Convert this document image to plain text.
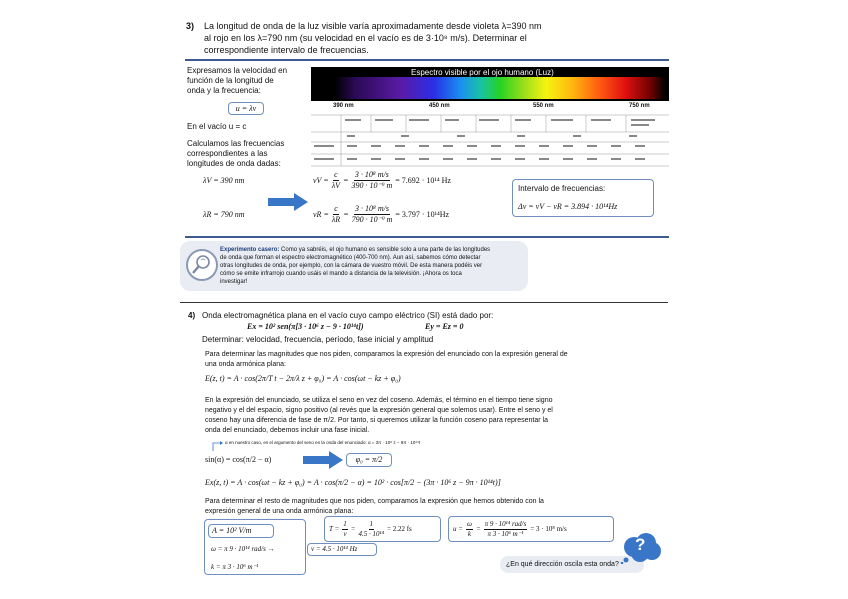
3) La longitud de onda de la luz visible varía aproximadamente desde violeta λ=390 nm
al rojo en los λ=790 nm (su velocidad en el vacío es de 3·10⁸ m/s). Determinar el
correspondiente intervalo de frecuencias.
Expresamos la velocidad en
función de la longitud de
onda y la frecuencia:
u = λν
En el vacío u = c
Calculamos las frecuencias
correspondientes a las
longitudes de onda dadas:
λV = 390 nm
λR = 790 nm
Espectro visible por el ojo humano (Luz)
390 nm	450 nm	550 nm	750 nm
$\nu V = \frac{c}{\lambda V} = \frac{\text{3 · 10⁸ m/s}}{\text{390 · 10⁻⁹ m}} = 7.692 \cdot 10^{14}$ Hz
$\nu R = \frac{c}{\lambda R} = \frac{\text{3 · 10⁸ m/s}}{\text{790 · 10⁻⁹ m}} = 3.797 \cdot 10^{14}Hz$
Intervalo de frecuencias:
Δν = νV − νR = 3.894 · 10¹⁴Hz
Experimento casero: Como ya sabréis, el ojo humano es sensible solo a una parte de las longitudes
de onda que forman el espectro electromagnético (400-700 nm). Aun así, sabemos cómo detectar
otras longitudes de onda, por ejemplo, con la cámara de vuestro móvil. De esta manera podéis ver
cómo se emite infrarrojo cuando usáis el mando a distancia de la televisión. ¡Ahora os toca
investigar!
4) Onda electromagnética plana en el vacío cuyo campo eléctrico (SI) está dado por:
Ex = 10² sen(π[3 · 10⁶ z − 9 · 10¹⁴t])	Ey = Ez = 0
Determinar: velocidad, frecuencia, período, fase inicial y amplitud
Para determinar las magnitudes que nos piden, comparamos la expresión del enunciado con la expresión general de
una onda armónica plana:
E(z, t) = A · cos(2π/T t − 2π/λ z + φ₀) = A · cos(ωt − kz + φ₀)
En la expresión del enunciado, se utiliza el seno en vez del coseno. Además, el término en el tiempo tiene signo
negativo y el del espacio, signo positivo (al revés que la expresión general que solemos usar). Entre el seno y el
coseno hay una diferencia de fase de π/2. Por tanto, si queremos utilizar la función coseno para representar la
onda del enunciado, debemos incluir una fase inicial.
α en nuestro caso, es el argumento del seno en la onda del enunciado: α = 3π · 10⁶ z − 9π · 10¹⁴t
sin(α) = cos(π/2 − α)	φ₀ = π/2
Ex(z, t) = A · cos(ωt − kz + φ₀) = A · cos(π/2 − α) = 10² · cos[π/2 − (3π · 10⁶ z − 9π · 10¹⁴t)]
Para determinar el resto de magnitudes que nos piden, comparamos la expresión que hemos obtenido con la
expresión general de una onda armónica plana:
A = 10² V/m
ω = π 9 · 10¹⁴ rad/s →	ν = 4.5 · 10¹⁴ Hz
k = π 3 · 10⁶ m⁻¹
$T = \frac{1}{\nu} = \frac{1}{\text{4.5 · 10¹⁴}} = 2.22$ fs	$u = \frac{\omega}{k} = \frac{\text{π 9 · 10¹⁴ rad/s}}{\text{π 3 · 10⁶ m⁻¹}} = 3 \cdot 10^8$ m/s
¿En qué dirección oscila esta onda?
?
